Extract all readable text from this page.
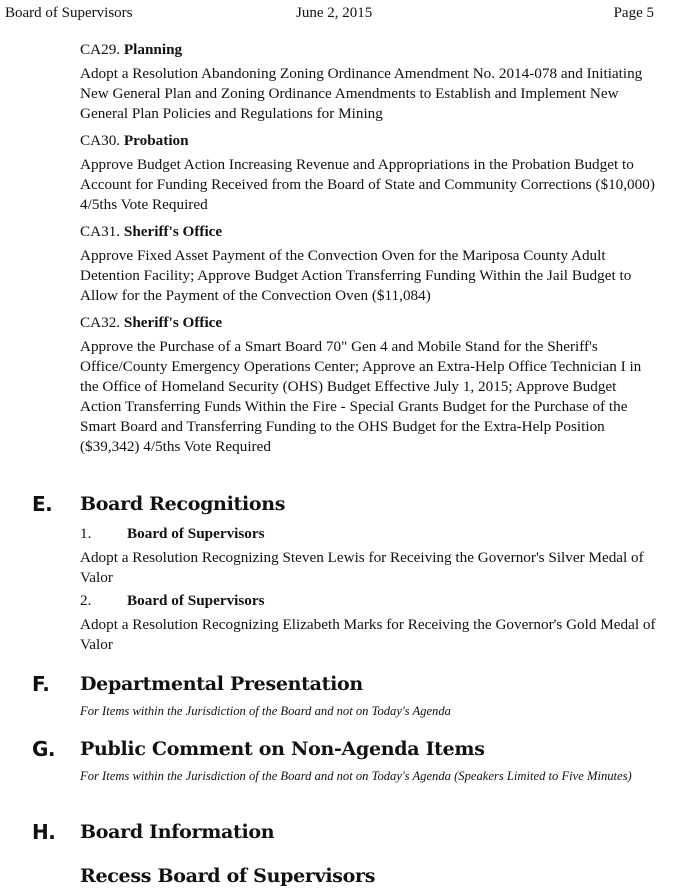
Board of Supervisors	June 2, 2015	Page 5
CA29. Planning
Adopt a Resolution Abandoning Zoning Ordinance Amendment No. 2014-078 and Initiating New General Plan and Zoning Ordinance Amendments to Establish and Implement New General Plan Policies and Regulations for Mining
CA30. Probation
Approve Budget Action Increasing Revenue and Appropriations in the Probation Budget to Account for Funding Received from the Board of State and Community Corrections ($10,000) 4/5ths Vote Required
CA31. Sheriff's Office
Approve Fixed Asset Payment of the Convection Oven for the Mariposa County Adult Detention Facility; Approve Budget Action Transferring Funding Within the Jail Budget to Allow for the Payment of the Convection Oven ($11,084)
CA32. Sheriff's Office
Approve the Purchase of a Smart Board 70" Gen 4 and Mobile Stand for the Sheriff's Office/County Emergency Operations Center; Approve an Extra-Help Office Technician I in the Office of Homeland Security (OHS) Budget Effective July 1, 2015; Approve Budget Action Transferring Funds Within the Fire - Special Grants Budget for the Purchase of the Smart Board and Transferring Funding to the OHS Budget for the Extra-Help Position ($39,342) 4/5ths Vote Required
E. Board Recognitions
1. Board of Supervisors
Adopt a Resolution Recognizing Steven Lewis for Receiving the Governor's Silver Medal of Valor
2. Board of Supervisors
Adopt a Resolution Recognizing Elizabeth Marks for Receiving the Governor's Gold Medal of Valor
F. Departmental Presentation
For Items within the Jurisdiction of the Board and not on Today's Agenda
G. Public Comment on Non-Agenda Items
For Items within the Jurisdiction of the Board and not on Today's Agenda (Speakers Limited to Five Minutes)
H. Board Information
Recess Board of Supervisors
